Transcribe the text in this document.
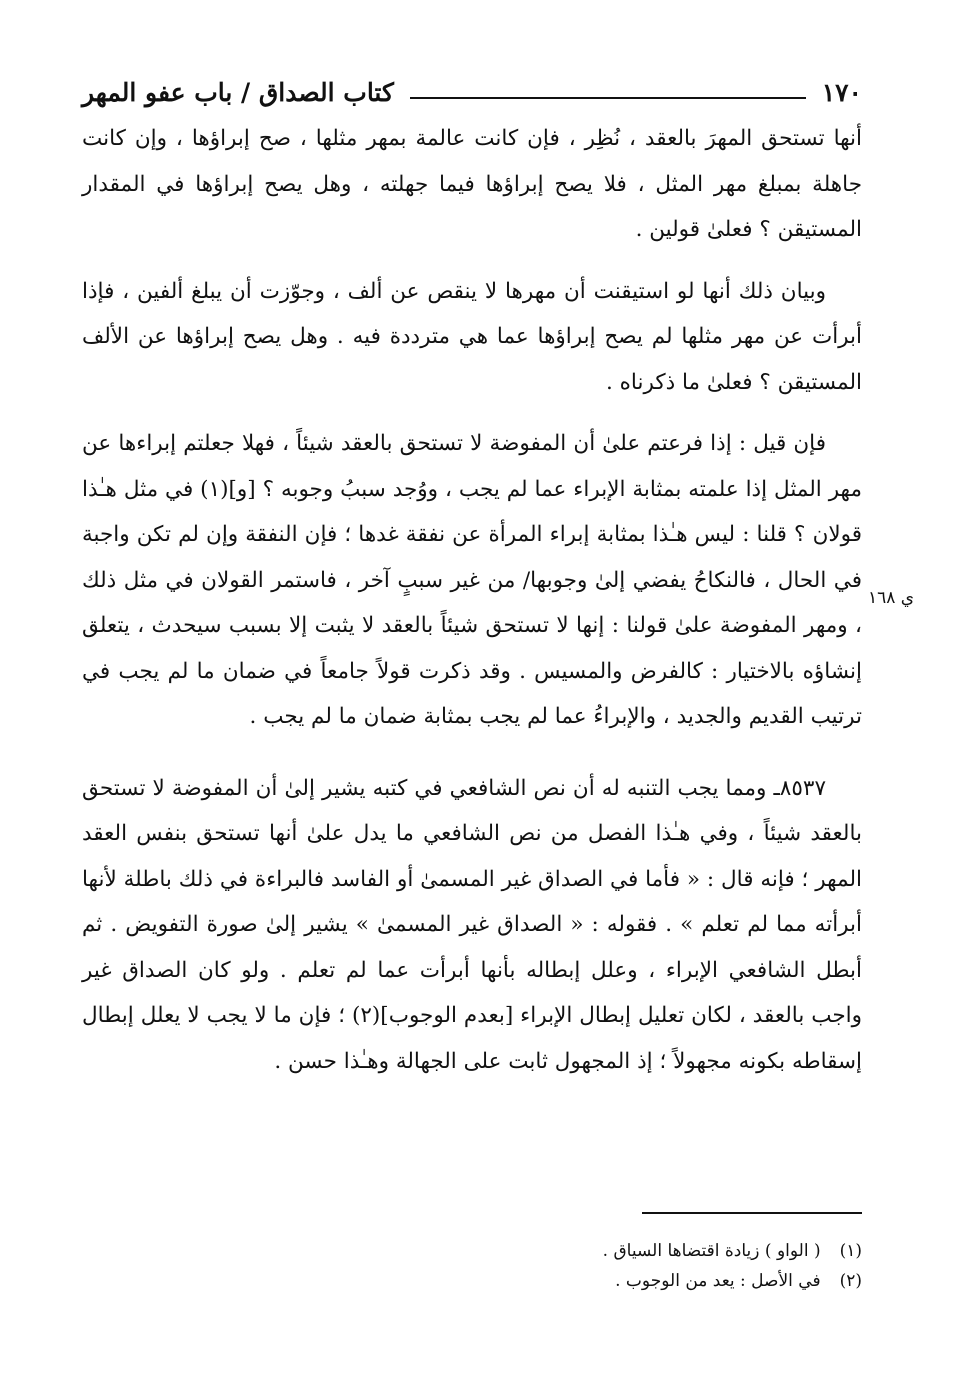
١٧٠
كتاب الصداق / باب عفو المهر
ي ١٦٨

أنها تستحق المهرَ بالعقد ، نُظِر ، فإن كانت عالمة بمهر مثلها ، صح إبراؤها ، وإن كانت جاهلة بمبلغ مهر المثل ، فلا يصح إبراؤها فيما جهلته ، وهل يصح إبراؤها في المقدار المستيقن ؟ فعلىٰ قولين .

وبيان ذلك أنها لو استيقنت أن مهرها لا ينقص عن ألف ، وجوّزت أن يبلغ ألفين ، فإذا أبرأت عن مهر مثلها لم يصح إبراؤها عما هي مترددة فيه . وهل يصح إبراؤها عن الألف المستيقن ؟ فعلىٰ ما ذكرناه .

فإن قيل : إذا فرعتم علىٰ أن المفوضة لا تستحق بالعقد شيئاً ، فهلا جعلتم إبراءها عن مهر المثل إذا علمته بمثابة الإبراء عما لم يجب ، ووُجد سببُ وجوبه ؟ [و](١) في مثل هـٰذا قولان ؟ قلنا : ليس هـٰذا بمثابة إبراء المرأة عن نفقة غدها ؛ فإن النفقة وإن لم تكن واجبة في الحال ، فالنكاحُ يفضي إلىٰ وجوبها/ من غير سببٍ آخر ، فاستمر القولان في مثل ذلك ، ومهر المفوضة علىٰ قولنا : إنها لا تستحق شيئاً بالعقد لا يثبت إلا بسبب سيحدث ، يتعلق إنشاؤه بالاختيار : كالفرض والمسيس . وقد ذكرت قولاً جامعاً في ضمان ما لم يجب في ترتيب القديم والجديد ، والإبراءُ عما لم يجب بمثابة ضمان ما لم يجب .

٨٥٣٧ـ ومما يجب التنبه له أن نص الشافعي في كتبه يشير إلىٰ أن المفوضة لا تستحق بالعقد شيئاً ، وفي هـٰذا الفصل من نص الشافعي ما يدل علىٰ أنها تستحق بنفس العقد المهر ؛ فإنه قال : « فأما في الصداق غير المسمىٰ أو الفاسد فالبراءة في ذلك باطلة لأنها أبرأته مما لم تعلم » . فقوله : « الصداق غير المسمىٰ » يشير إلىٰ صورة التفويض . ثم أبطل الشافعي الإبراء ، وعلل إبطاله بأنها أبرأت عما لم تعلم . ولو كان الصداق غير واجب بالعقد ، لكان تعليل إبطال الإبراء [بعدم الوجوب](٢) ؛ فإن ما لا يجب لا يعلل إبطال إسقاطه بكونه مجهولاً ؛ إذ المجهول ثابت على الجهالة وهـٰذا حسن .

(١) ( الواو ) زيادة اقتضاها السياق .
(٢) في الأصل : يعد من الوجوب .
